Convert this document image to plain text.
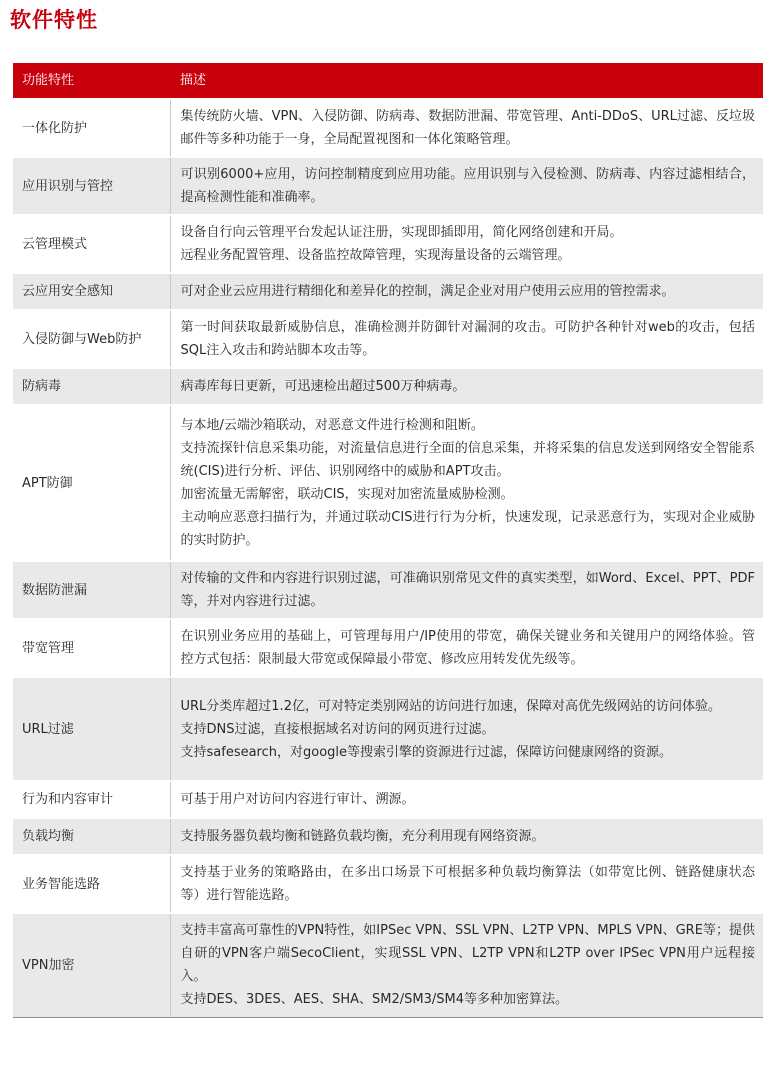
软件特性
功能特性	描述
一体化防护	集传统防火墙、VPN、入侵防御、防病毒、数据防泄漏、带宽管理、Anti-DDoS、URL过滤、反垃圾邮件等多种功能于一身，全局配置视图和一体化策略管理。

应用识别与管控	可识别6000+应用，访问控制精度到应用功能。应用识别与入侵检测、防病毒、内容过滤相结合，提高检测性能和准确率。

云管理模式	设备自行向云管理平台发起认证注册，实现即插即用，简化网络创建和开局。
远程业务配置管理、设备监控故障管理，实现海量设备的云端管理。

云应用安全感知	可对企业云应用进行精细化和差异化的控制，满足企业对用户使用云应用的管控需求。

入侵防御与Web防护	第一时间获取最新威胁信息，准确检测并防御针对漏洞的攻击。可防护各种针对web的攻击，包括SQL注入攻击和跨站脚本攻击等。

防病毒	病毒库每日更新，可迅速检出超过500万种病毒。

APT防御	与本地/云端沙箱联动，对恶意文件进行检测和阻断。
支持流探针信息采集功能，对流量信息进行全面的信息采集，并将采集的信息发送到网络安全智能系统(CIS)进行分析、评估、识别网络中的威胁和APT攻击。
加密流量无需解密，联动CIS，实现对加密流量威胁检测。
主动响应恶意扫描行为，并通过联动CIS进行行为分析，快速发现，记录恶意行为，实现对企业威胁的实时防护。

数据防泄漏	对传输的文件和内容进行识别过滤，可准确识别常见文件的真实类型，如Word、Excel、PPT、PDF等，并对内容进行过滤。

带宽管理	在识别业务应用的基础上，可管理每用户/IP使用的带宽，确保关键业务和关键用户的网络体验。管控方式包括：限制最大带宽或保障最小带宽、修改应用转发优先级等。

URL过滤	URL分类库超过1.2亿，可对特定类别网站的访问进行加速，保障对高优先级网站的访问体验。
支持DNS过滤，直接根据域名对访问的网页进行过滤。
支持safesearch，对google等搜索引擎的资源进行过滤，保障访问健康网络的资源。

行为和内容审计	可基于用户对访问内容进行审计、溯源。

负载均衡	支持服务器负载均衡和链路负载均衡，充分利用现有网络资源。

业务智能选路	支持基于业务的策略路由，在多出口场景下可根据多种负载均衡算法（如带宽比例、链路健康状态等）进行智能选路。

VPN加密	支持丰富高可靠性的VPN特性，如IPSec VPN、SSL VPN、L2TP VPN、MPLS VPN、GRE等；提供自研的VPN客户端SecoClient，实现SSL VPN、L2TP VPN和L2TP over IPSec VPN用户远程接入。
支持DES、3DES、AES、SHA、SM2/SM3/SM4等多种加密算法。
